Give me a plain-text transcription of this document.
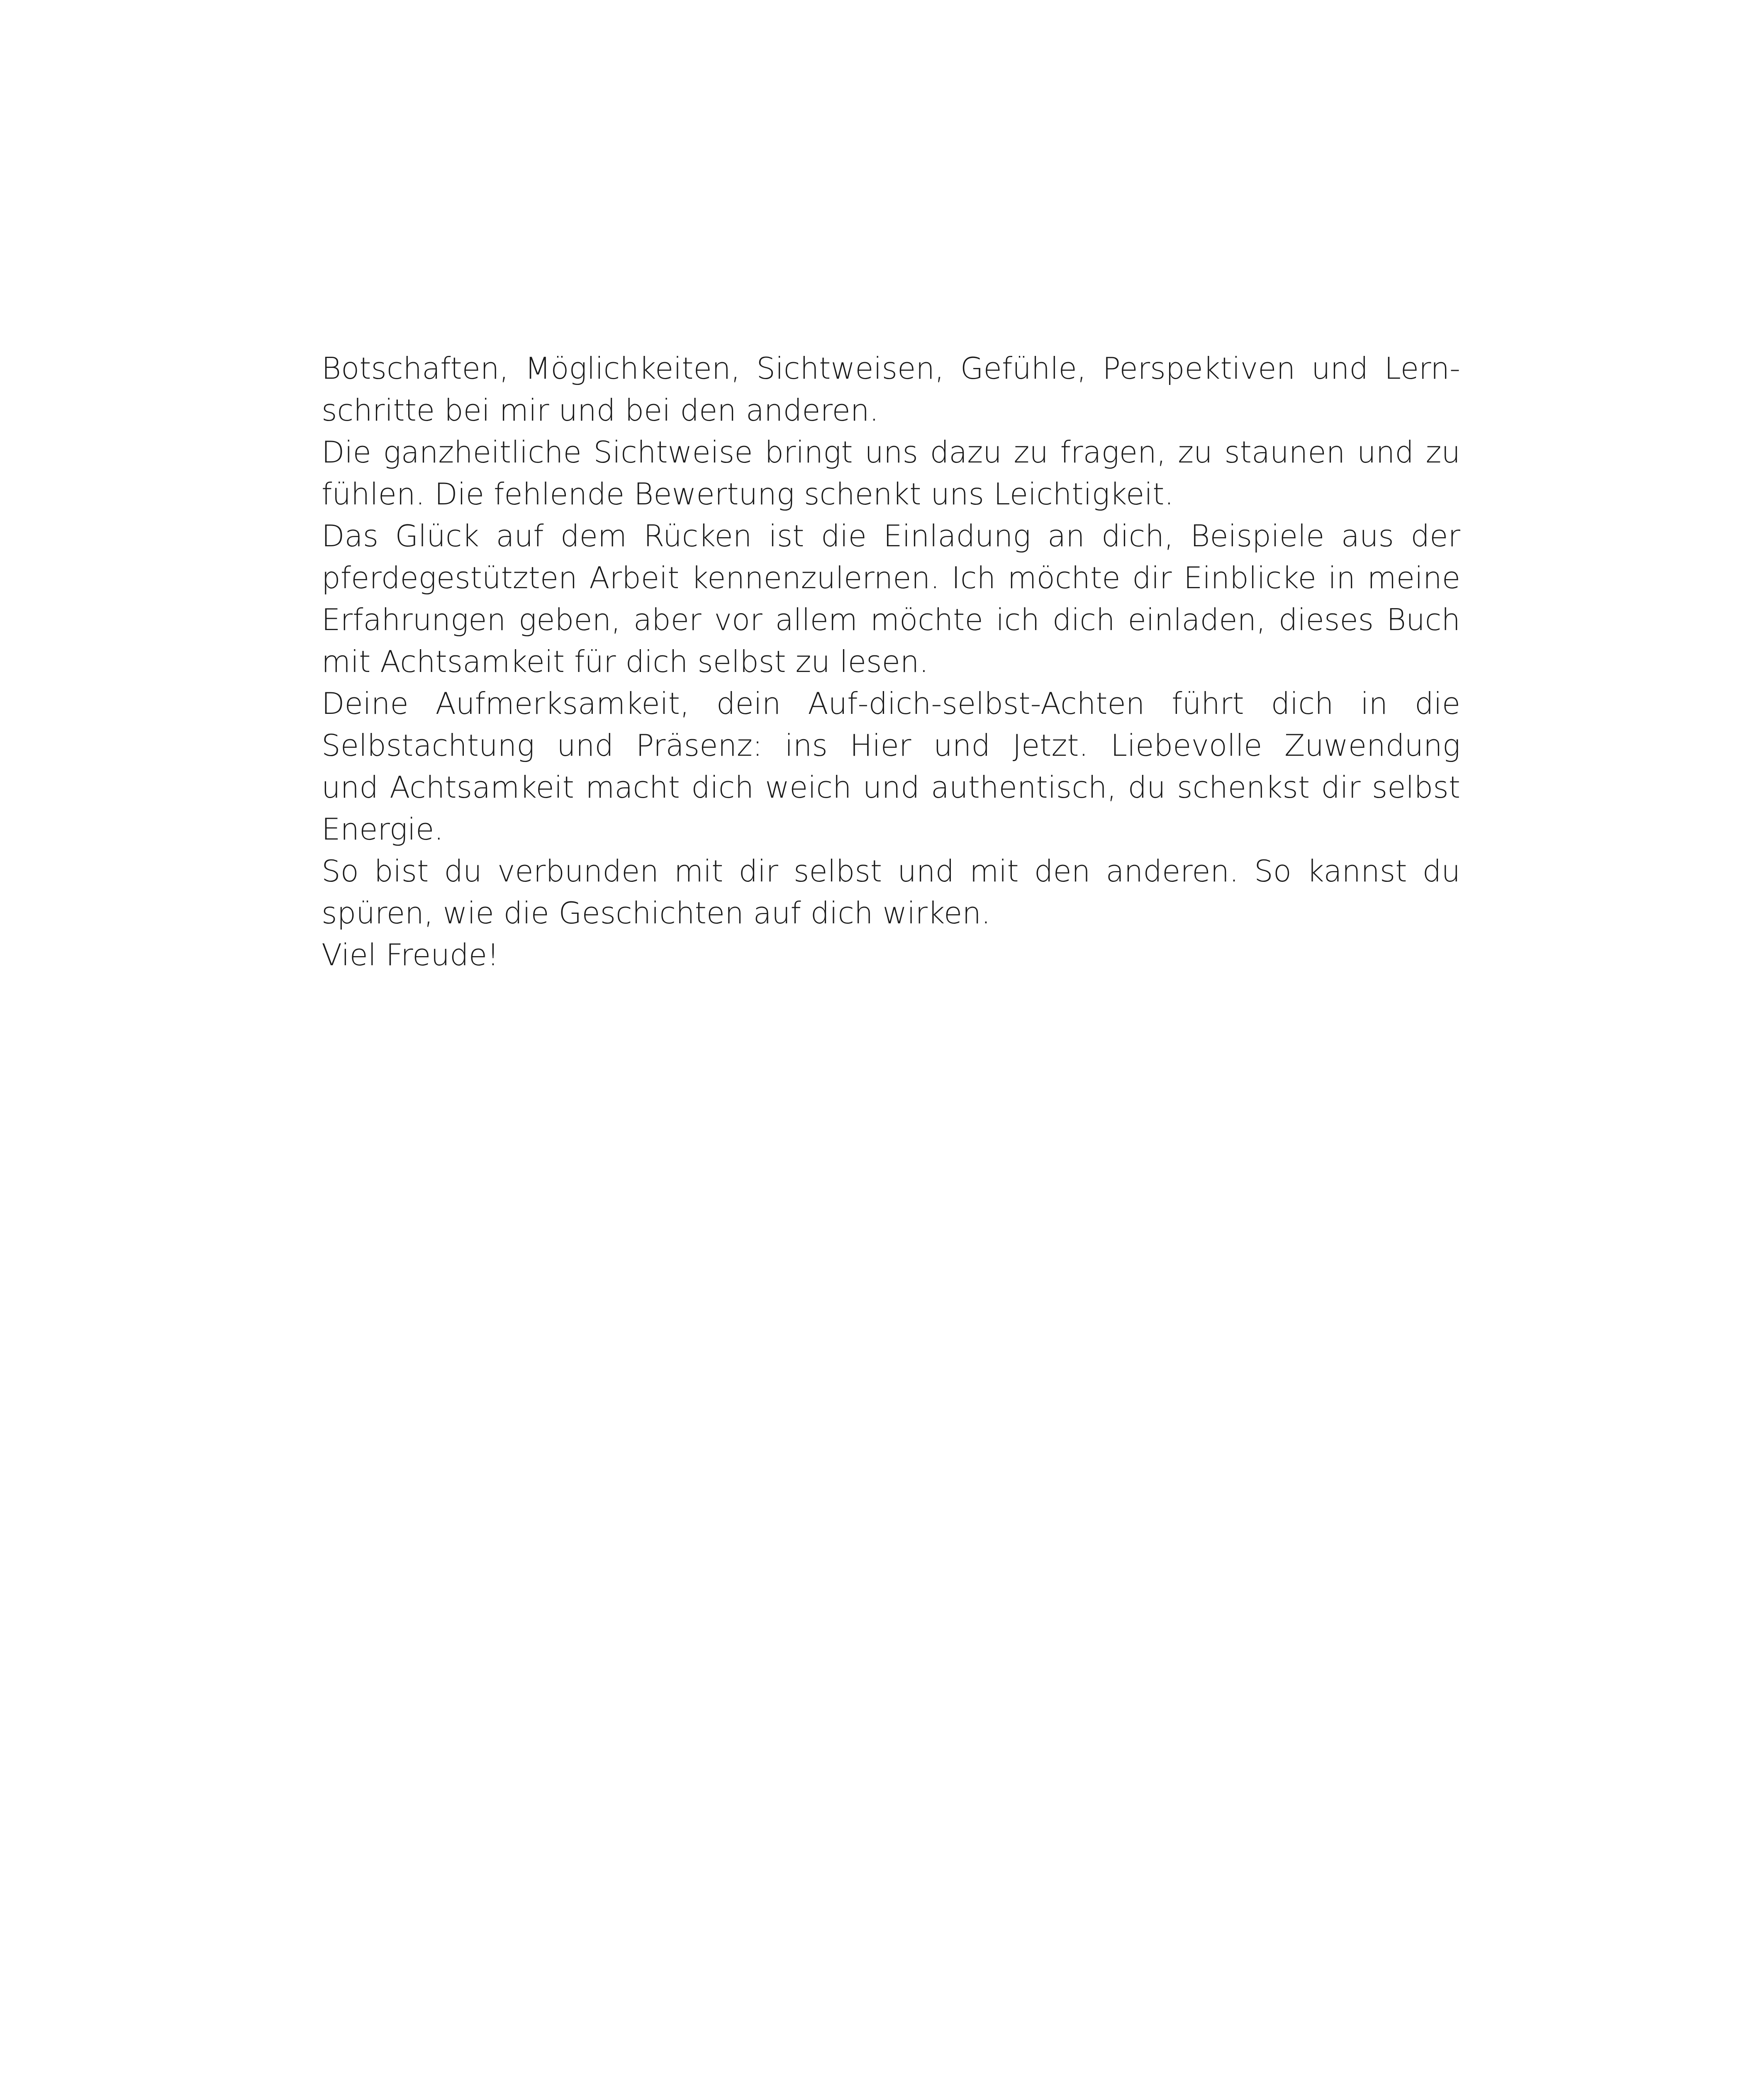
Botschaften, Möglichkeiten, Sichtweisen, Gefühle, Perspektiven und Lern-
schritte bei mir und bei den anderen.

Die ganzheitliche Sichtweise bringt uns dazu zu fragen, zu staunen und zu
fühlen. Die fehlende Bewertung schenkt uns Leichtigkeit.

Das Glück auf dem Rücken ist die Einladung an dich, Beispiele aus der
pferdegestützten Arbeit kennenzulernen. Ich möchte dir Einblicke in meine
Erfahrungen geben, aber vor allem möchte ich dich einladen, dieses Buch
mit Achtsamkeit für dich selbst zu lesen.

Deine Aufmerksamkeit, dein Auf-dich-selbst-Achten führt dich in die
Selbstachtung und Präsenz: ins Hier und Jetzt. Liebevolle Zuwendung
und Achtsamkeit macht dich weich und authentisch, du schenkst dir selbst
Energie.

So bist du verbunden mit dir selbst und mit den anderen. So kannst du
spüren, wie die Geschichten auf dich wirken.

Viel Freude!
